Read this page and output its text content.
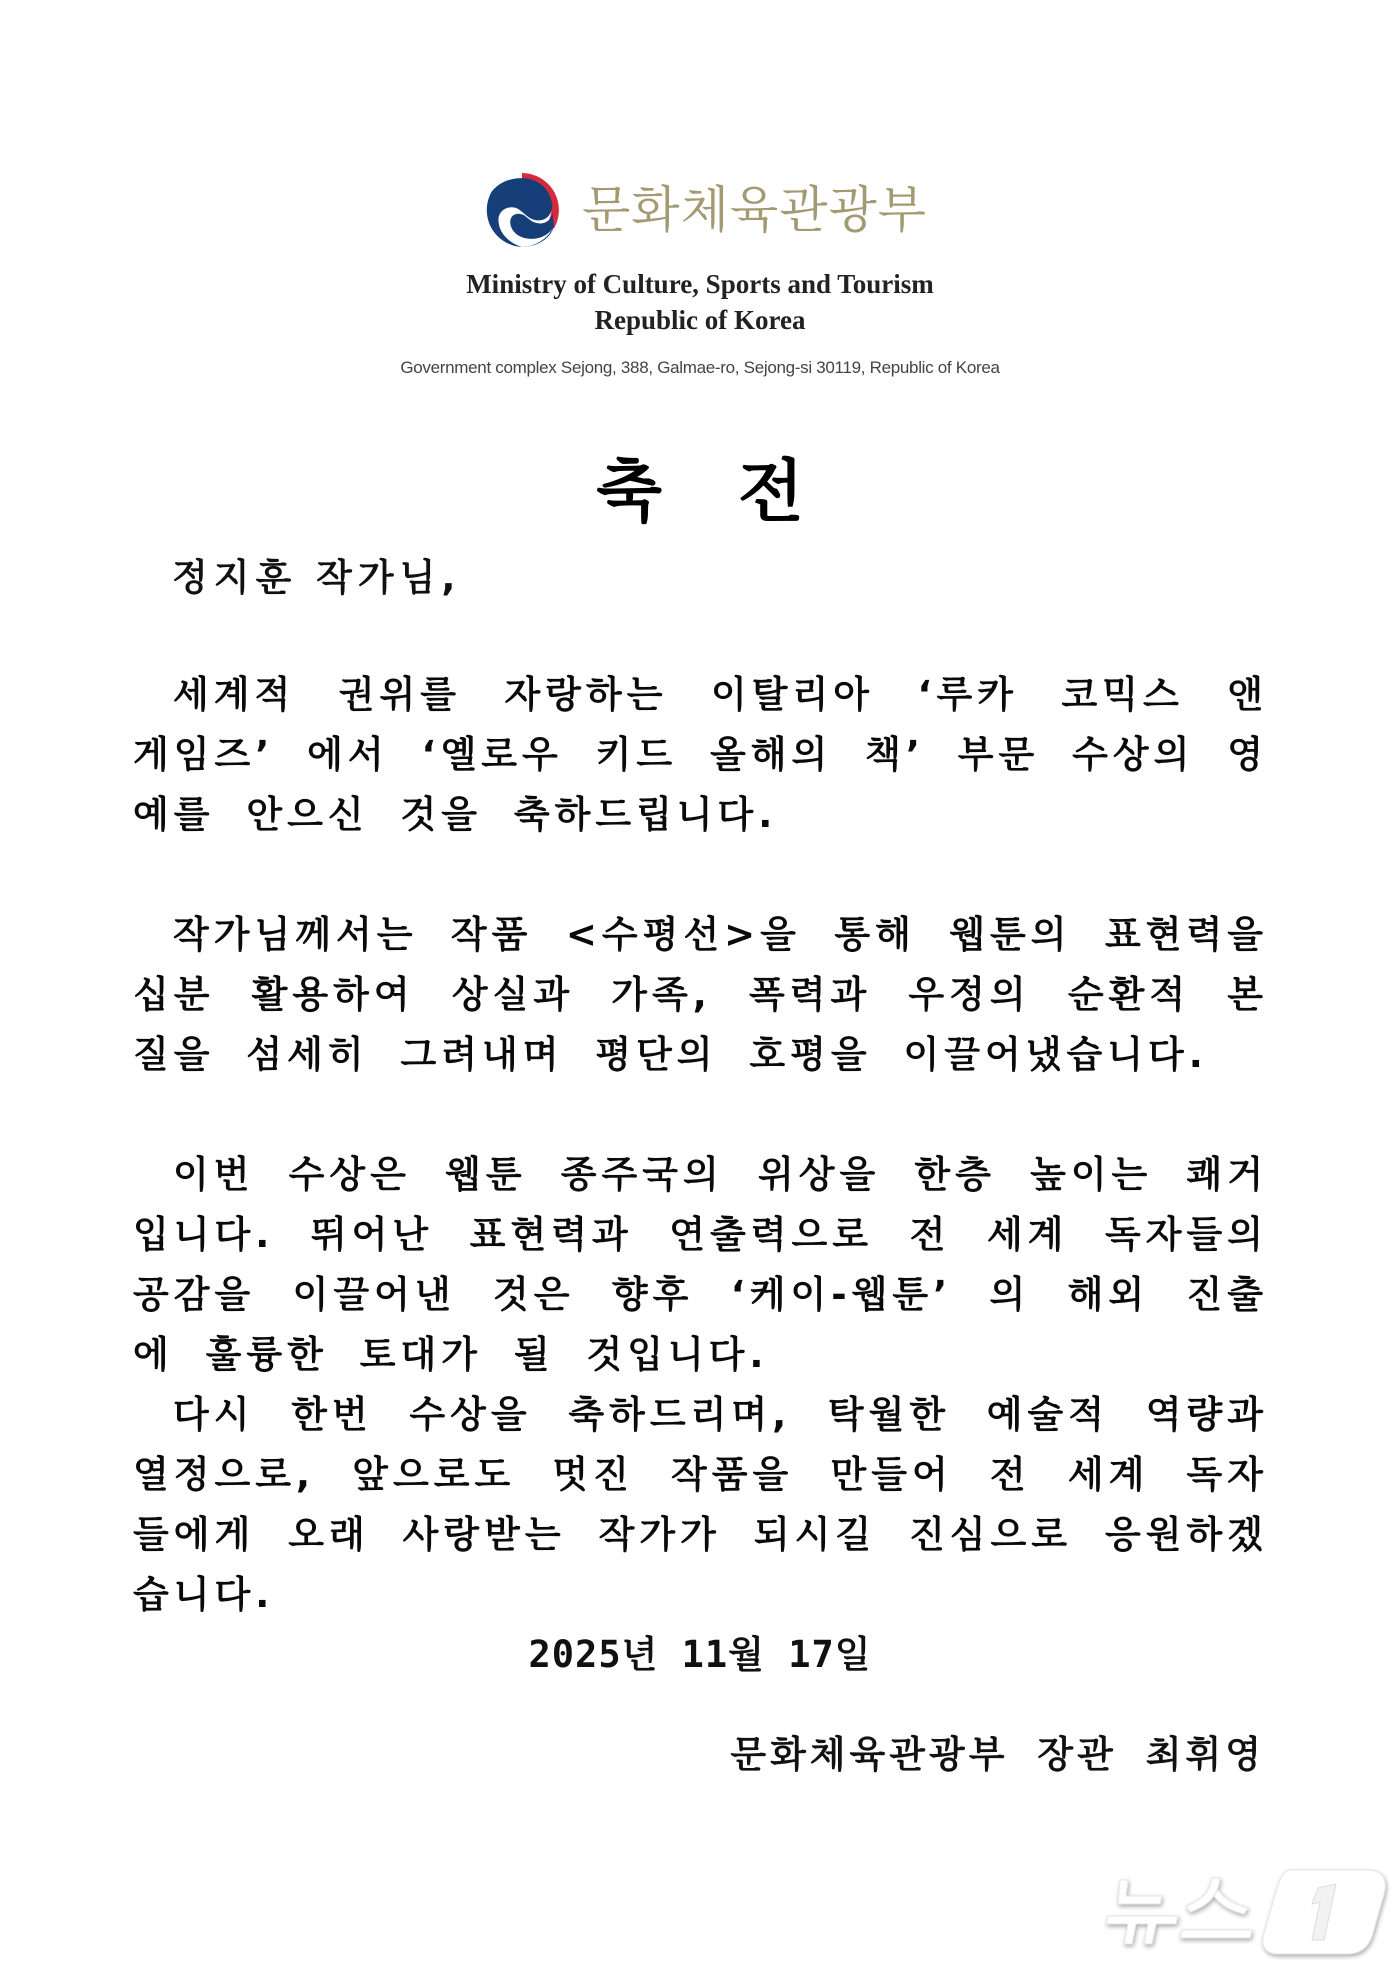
문화체육관광부
Ministry of Culture, Sports and Tourism
Republic of Korea
Government complex Sejong, 388, Galmae-ro, Sejong-si 30119, Republic of Korea
축 전
정지훈 작가님,

세계적 권위를 자랑하는 이탈리아 ‘루카 코믹스 앤 게임즈’ 에서 ‘옐로우 키드 올해의 책’ 부문 수상의 영예를 안으신 것을 축하드립니다.

작가님께서는 작품 <수평선>을 통해 웹툰의 표현력을 십분 활용하여 상실과 가족, 폭력과 우정의 순환적 본질을 섬세히 그려내며 평단의 호평을 이끌어냈습니다.

이번 수상은 웹툰 종주국의 위상을 한층 높이는 쾌거입니다. 뛰어난 표현력과 연출력으로 전 세계 독자들의 공감을 이끌어낸 것은 향후 ‘케이-웹툰’ 의 해외 진출에 훌륭한 토대가 될 것입니다.

다시 한번 수상을 축하드리며, 탁월한 예술적 역량과 열정으로, 앞으로도 멋진 작품을 만들어 전 세계 독자들에게 오래 사랑받는 작가가 되시길 진심으로 응원하겠습니다.

2025년 11월 17일
문화체육관광부 장관 최휘영
